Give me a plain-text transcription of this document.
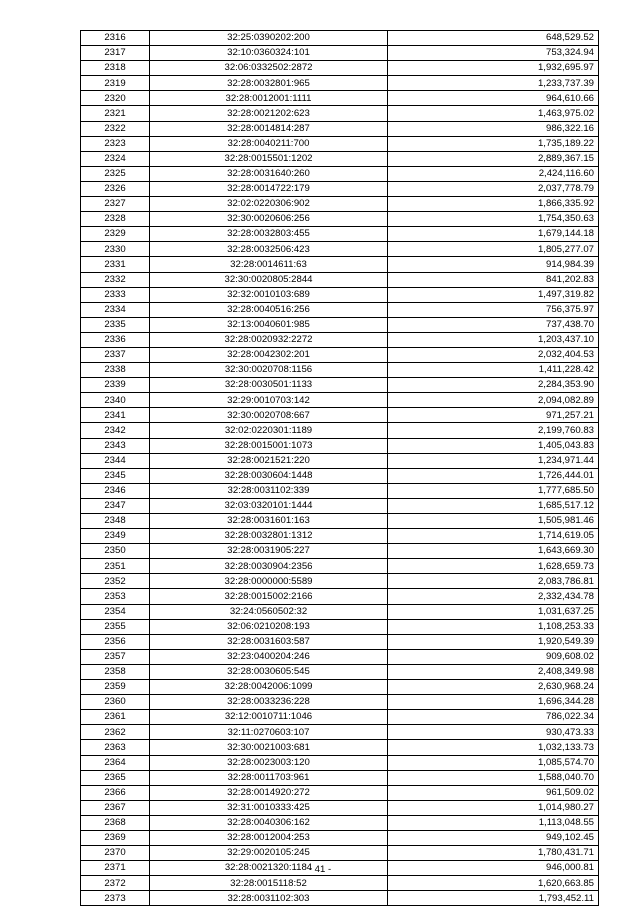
2316	32:25:0390202:200	648,529.52
2317	32:10:0360324:101	753,324.94
2318	32:06:0332502:2872	1,932,695.97
2319	32:28:0032801:965	1,233,737.39
2320	32:28:0012001:1111	964,610.66
2321	32:28:0021202:623	1,463,975.02
2322	32:28:0014814:287	986,322.16
2323	32:28:0040211:700	1,735,189.22
2324	32:28:0015501:1202	2,889,367.15
2325	32:28:0031640:260	2,424,116.60
2326	32:28:0014722:179	2,037,778.79
2327	32:02:0220306:902	1,866,335.92
2328	32:30:0020606:256	1,754,350.63
2329	32:28:0032803:455	1,679,144.18
2330	32:28:0032506:423	1,805,277.07
2331	32:28:0014611:63	914,984.39
2332	32:30:0020805:2844	841,202.83
2333	32:32:0010103:689	1,497,319.82
2334	32:28:0040516:256	756,375.97
2335	32:13:0040601:985	737,438.70
2336	32:28:0020932:2272	1,203,437.10
2337	32:28:0042302:201	2,032,404.53
2338	32:30:0020708:1156	1,411,228.42
2339	32:28:0030501:1133	2,284,353.90
2340	32:29:0010703:142	2,094,082.89
2341	32:30:0020708:667	971,257.21
2342	32:02:0220301:1189	2,199,760.83
2343	32:28:0015001:1073	1,405,043.83
2344	32:28:0021521:220	1,234,971.44
2345	32:28:0030604:1448	1,726,444.01
2346	32:28:0031102:339	1,777,685.50
2347	32:03:0320101:1444	1,685,517.12
2348	32:28:0031601:163	1,505,981.46
2349	32:28:0032801:1312	1,714,619.05
2350	32:28:0031905:227	1,643,669.30
2351	32:28:0030904:2356	1,628,659.73
2352	32:28:0000000:5589	2,083,786.81
2353	32:28:0015002:2166	2,332,434.78
2354	32:24:0560502:32	1,031,637.25
2355	32:06:0210208:193	1,108,253.33
2356	32:28:0031603:587	1,920,549.39
2357	32:23:0400204:246	909,608.02
2358	32:28:0030605:545	2,408,349.98
2359	32:28:0042006:1099	2,630,968.24
2360	32:28:0033236:228	1,696,344.28
2361	32:12:0010711:1046	786,022.34
2362	32:11:0270603:107	930,473.33
2363	32:30:0021003:681	1,032,133.73
2364	32:28:0023003:120	1,085,574.70
2365	32:28:0011703:961	1,588,040.70
2366	32:28:0014920:272	961,509.02
2367	32:31:0010333:425	1,014,980.27
2368	32:28:0040306:162	1,113,048.55
2369	32:28:0012004:253	949,102.45
2370	32:29:0020105:245	1,780,431.71
2371	32:28:0021320:1184	946,000.81
2372	32:28:0015118:52	1,620,663.85
2373	32:28:0031102:303	1,793,452.11
- 41 -
